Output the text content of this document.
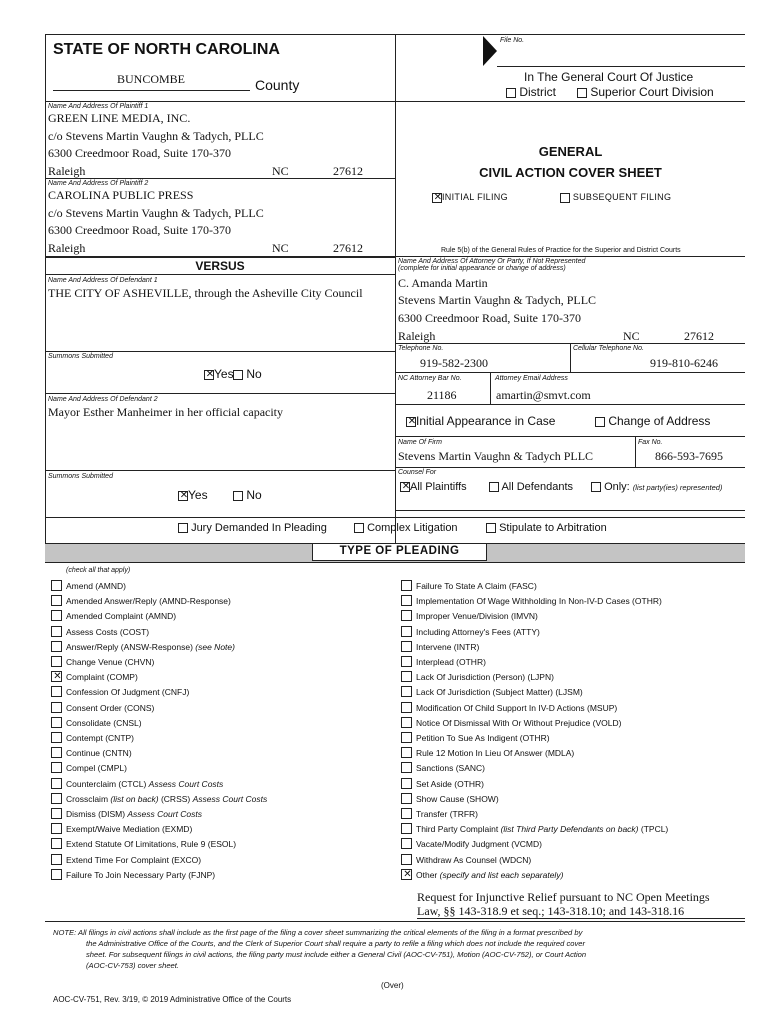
STATE OF NORTH CAROLINA
BUNCOMBE	County
File No.
In The General Court Of Justice
District	Superior Court Division
Name And Address Of Plaintiff 1
GREEN LINE MEDIA, INC.
c/o Stevens Martin Vaughn & Tadych, PLLC
6300 Creedmoor Road, Suite 170-370
Raleigh	NC	27612
Name And Address Of Plaintiff 2
CAROLINA PUBLIC PRESS
c/o Stevens Martin Vaughn & Tadych, PLLC
6300 Creedmoor Road, Suite 170-370
Raleigh	NC	27612
VERSUS
Name And Address Of Defendant 1
THE CITY OF ASHEVILLE, through the Asheville City Council
Summons Submitted
✕Yes	No
Name And Address Of Defendant 2
Mayor Esther Manheimer in her official capacity
Summons Submitted
✕Yes	No
GENERAL
CIVIL ACTION COVER SHEET
✕INITIAL FILING	SUBSEQUENT FILING
Rule 5(b) of the General Rules of Practice for the Superior and District Courts
Name And Address Of Attorney Or Party, If Not Represented
(complete for initial appearance or change of address)
C. Amanda Martin
Stevens Martin Vaughn & Tadych, PLLC
6300 Creedmoor Road, Suite 170-370
Raleigh	NC	27612
Telephone No.	Cellular Telephone No.
919-582-2300	919-810-6246
NC Attorney Bar No.	Attorney Email Address
21186	amartin@smvt.com
✕Initial Appearance in Case	Change of Address
Name Of Firm	Fax No.
Stevens Martin Vaughn & Tadych PLLC	866-593-7695
Counsel For
✕All Plaintiffs	All Defendants	Only: (list party(ies) represented)
Jury Demanded In Pleading	Complex Litigation	Stipulate to Arbitration
TYPE OF PLEADING
(check all that apply)
Amend (AMND)
Amended Answer/Reply (AMND-Response)
Amended Complaint (AMND)
Assess Costs (COST)
Answer/Reply (ANSW-Response) (see Note)
Change Venue (CHVN)
✕Complaint (COMP)
Confession Of Judgment (CNFJ)
Consent Order (CONS)
Consolidate (CNSL)
Contempt (CNTP)
Continue (CNTN)
Compel (CMPL)
Counterclaim (CTCL) Assess Court Costs
Crossclaim (list on back) (CRSS) Assess Court Costs
Dismiss (DISM) Assess Court Costs
Exempt/Waive Mediation (EXMD)
Extend Statute Of Limitations, Rule 9 (ESOL)
Extend Time For Complaint (EXCO)
Failure To Join Necessary Party (FJNP)
Failure To State A Claim (FASC)
Implementation Of Wage Withholding In Non-IV-D Cases (OTHR)
Improper Venue/Division (IMVN)
Including Attorney's Fees (ATTY)
Intervene (INTR)
Interplead (OTHR)
Lack Of Jurisdiction (Person) (LJPN)
Lack Of Jurisdiction (Subject Matter) (LJSM)
Modification Of Child Support In IV-D Actions (MSUP)
Notice Of Dismissal With Or Without Prejudice (VOLD)
Petition To Sue As Indigent (OTHR)
Rule 12 Motion In Lieu Of Answer (MDLA)
Sanctions (SANC)
Set Aside (OTHR)
Show Cause (SHOW)
Transfer (TRFR)
Third Party Complaint (list Third Party Defendants on back) (TPCL)
Vacate/Modify Judgment (VCMD)
Withdraw As Counsel (WDCN)
✕Other (specify and list each separately)
Request for Injunctive Relief pursuant to NC Open Meetings
Law, §§ 143-318.9 et seq.; 143-318.10; and 143-318.16
NOTE: All filings in civil actions shall include as the first page of the filing a cover sheet summarizing the critical elements of the filing in a format prescribed by
the Administrative Office of the Courts, and the Clerk of Superior Court shall require a party to refile a filing which does not include the required cover
sheet. For subsequent filings in civil actions, the filing party must include either a General Civil (AOC-CV-751), Motion (AOC-CV-752), or Court Action
(AOC-CV-753) cover sheet.
(Over)
AOC-CV-751, Rev. 3/19, © 2019 Administrative Office of the Courts
